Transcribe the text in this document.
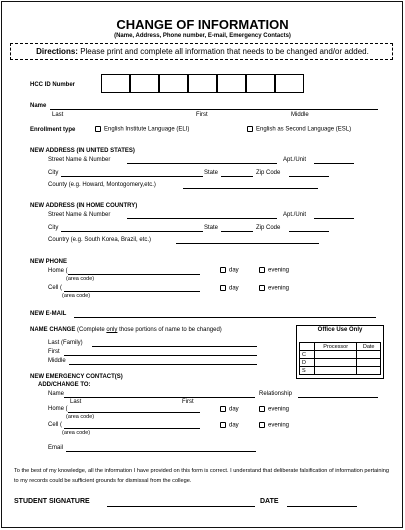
CHANGE OF INFORMATION
(Name, Address, Phone number, E-mail, Emergency Contacts)
Directions: Please print and complete all information that needs to be changed and/or added.
HCC ID Number
Name
Last	First	Middle
Enrollment type	English Institute Language (ELI)	English as Second Language (ESL)
NEW ADDRESS (IN UNITED STATES)
Street Name & Number	Apt./Unit
City	State	Zip Code
County (e.g. Howard, Montogomery,etc.)
NEW ADDRESS (IN HOME COUNTRY)
Street Name & Number	Apt./Unit
City	State	Zip Code
Country (e.g. South Korea, Brazil, etc.)
NEW PHONE
Home (
(area code)
day	evening
Cell (
(area code)
day	evening
NEW E-MAIL
NAME CHANGE (Complete only those portions of name to be changed)
Last (Family)
First
Middle
Office Use Only
	Processor	Date
C		
D		
S		
NEW EMERGENCY CONTACT(S)
ADD/CHANGE TO:
Name
Last	First
Relationship
Home (
(area code)
day	evening
Cell (
(area code)
day	evening
Email
To the best of my knowledge, all the information I have provided on this form is correct. I understand that deliberate falsification of information pertaining to my records could be sufficient grounds for dismissal from the college.
STUDENT SIGNATURE	DATE
